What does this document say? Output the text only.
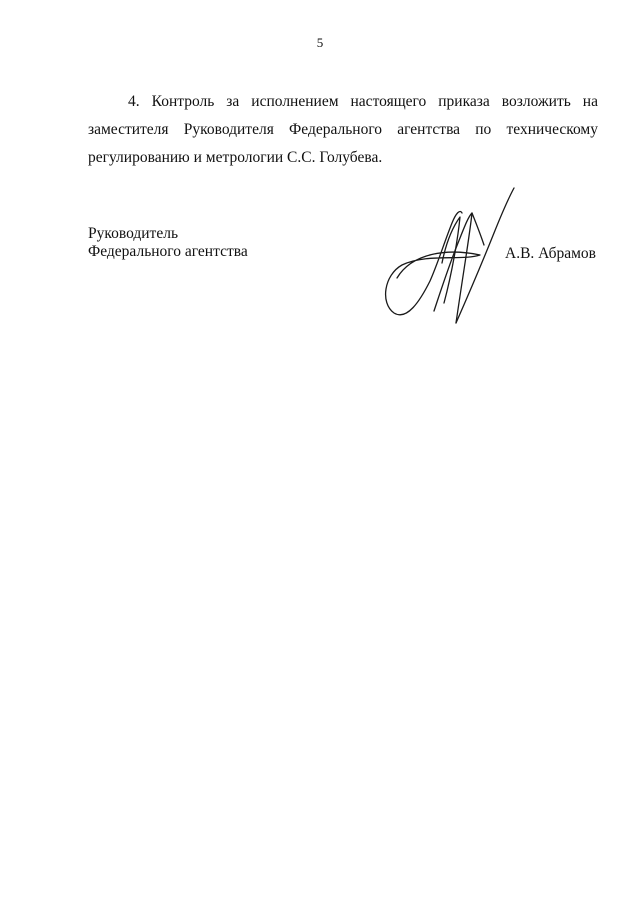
5
4. Контроль за исполнением настоящего приказа возложить на
заместителя Руководителя Федерального агентства по техническому
регулированию и метрологии С.С. Голубева.
Руководитель
Федерального агентства	А.В. Абрамов
